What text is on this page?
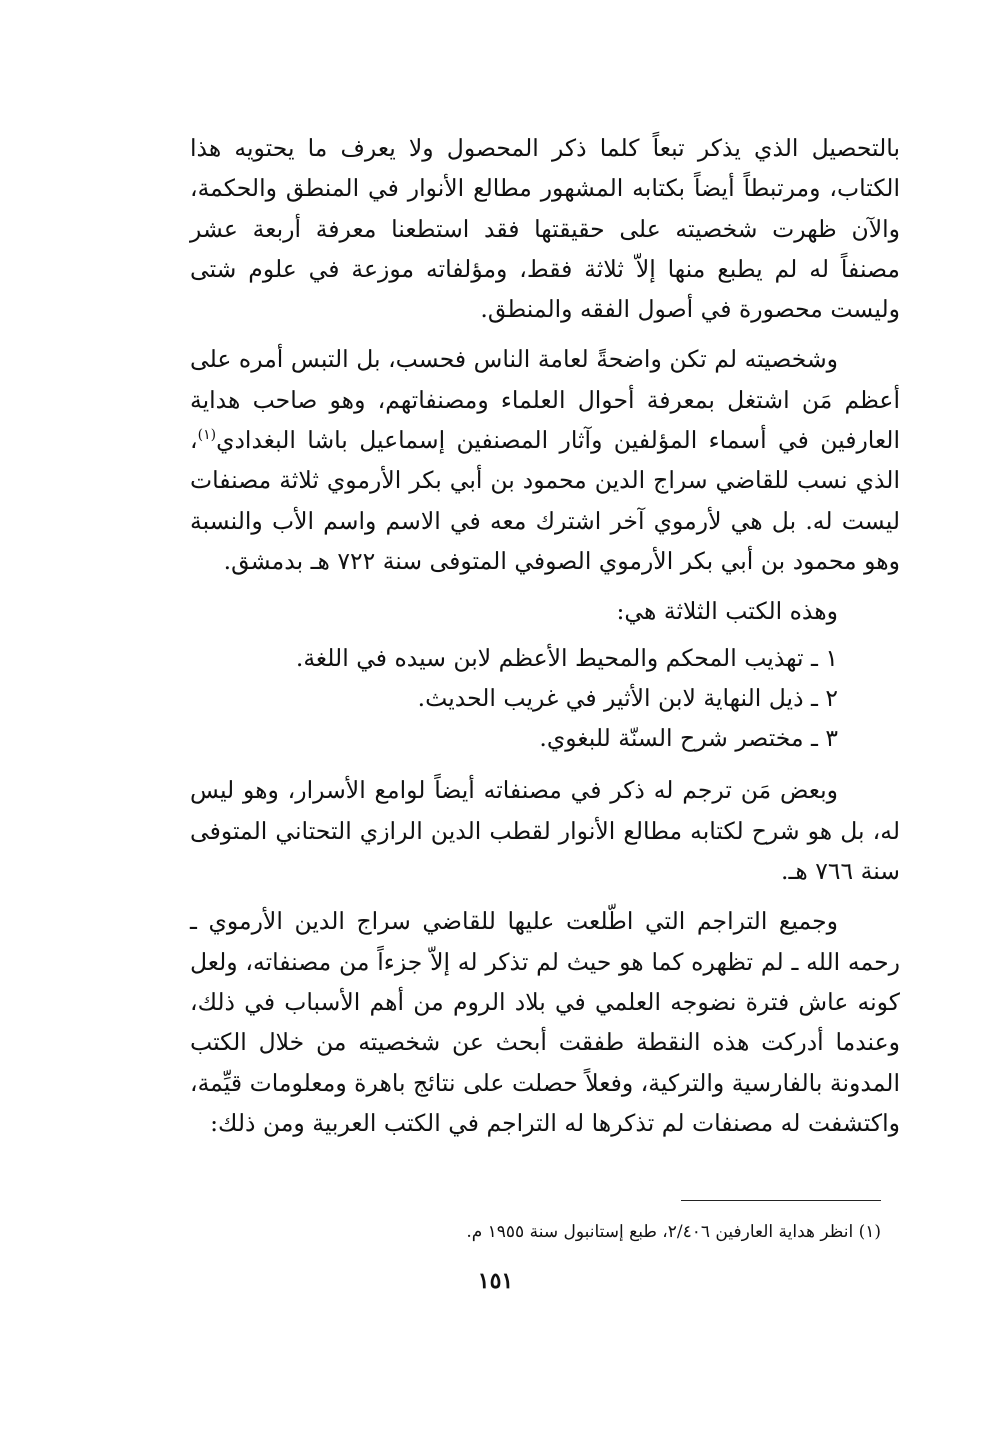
بالتحصيل الذي يذكر تبعاً كلما ذكر المحصول ولا يعرف ما يحتويه هذا الكتاب، ومرتبطاً أيضاً بكتابه المشهور مطالع الأنوار في المنطق والحكمة، والآن ظهرت شخصيته على حقيقتها فقد استطعنا معرفة أربعة عشر مصنفاً له لم يطبع منها إلاّ ثلاثة فقط، ومؤلفاته موزعة في علوم شتى وليست محصورة في أصول الفقه والمنطق.

وشخصيته لم تكن واضحةً لعامة الناس فحسب، بل التبس أمره على أعظم مَن اشتغل بمعرفة أحوال العلماء ومصنفاتهم، وهو صاحب هداية العارفين في أسماء المؤلفين وآثار المصنفين إسماعيل باشا البغدادي$^{(١)}$، الذي نسب للقاضي سراج الدين محمود بن أبي بكر الأرموي ثلاثة مصنفات ليست له. بل هي لأرموي آخر اشترك معه في الاسم واسم الأب والنسبة وهو محمود بن أبي بكر الأرموي الصوفي المتوفى سنة ٧٢٢ هـ بدمشق.

وهذه الكتب الثلاثة هي:

١ ـ تهذيب المحكم والمحيط الأعظم لابن سيده في اللغة.
٢ ـ ذيل النهاية لابن الأثير في غريب الحديث.
٣ ـ مختصر شرح السنّة للبغوي.

وبعض مَن ترجم له ذكر في مصنفاته أيضاً لوامع الأسرار، وهو ليس له، بل هو شرح لكتابه مطالع الأنوار لقطب الدين الرازي التحتاني المتوفى سنة ٧٦٦ هـ.

وجميع التراجم التي اطّلعت عليها للقاضي سراج الدين الأرموي ـ رحمه الله ـ لم تظهره كما هو حيث لم تذكر له إلاّ جزءاً من مصنفاته، ولعل كونه عاش فترة نضوجه العلمي في بلاد الروم من أهم الأسباب في ذلك، وعندما أدركت هذه النقطة طفقت أبحث عن شخصيته من خلال الكتب المدونة بالفارسية والتركية، وفعلاً حصلت على نتائج باهرة ومعلومات قيِّمة، واكتشفت له مصنفات لم تذكرها له التراجم في الكتب العربية ومن ذلك:

(١) انظر هداية العارفين ٢/٤٠٦، طبع إستانبول سنة ١٩٥٥ م.
١٥١
